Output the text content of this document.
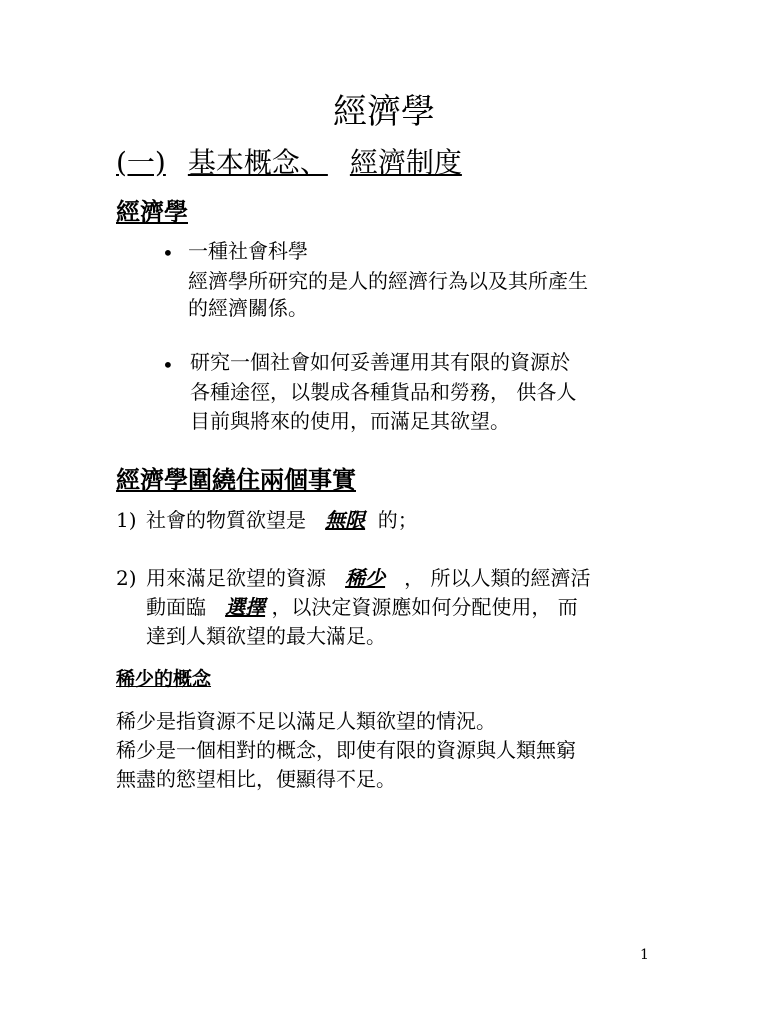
經濟學
(一) 基本概念、 經濟制度
經濟學
• 一種社會科學
經濟學所研究的是人的經濟行為以及其所產生
的經濟關係。
• 研究一個社會如何妥善運用其有限的資源於
各種途徑，以製成各種貨品和勞務， 供各人
目前與將來的使用，而滿足其欲望。
經濟學圍繞住兩個事實
1) 社會的物質欲望是 無限 的；
2) 用來滿足欲望的資源 稀少 ， 所以人類的經濟活
動面臨 選擇 ，以決定資源應如何分配使用， 而
達到人類欲望的最大滿足。
稀少的概念
稀少是指資源不足以滿足人類欲望的情況。
稀少是一個相對的概念，即使有限的資源與人類無窮
無盡的慾望相比，便顯得不足。
1
